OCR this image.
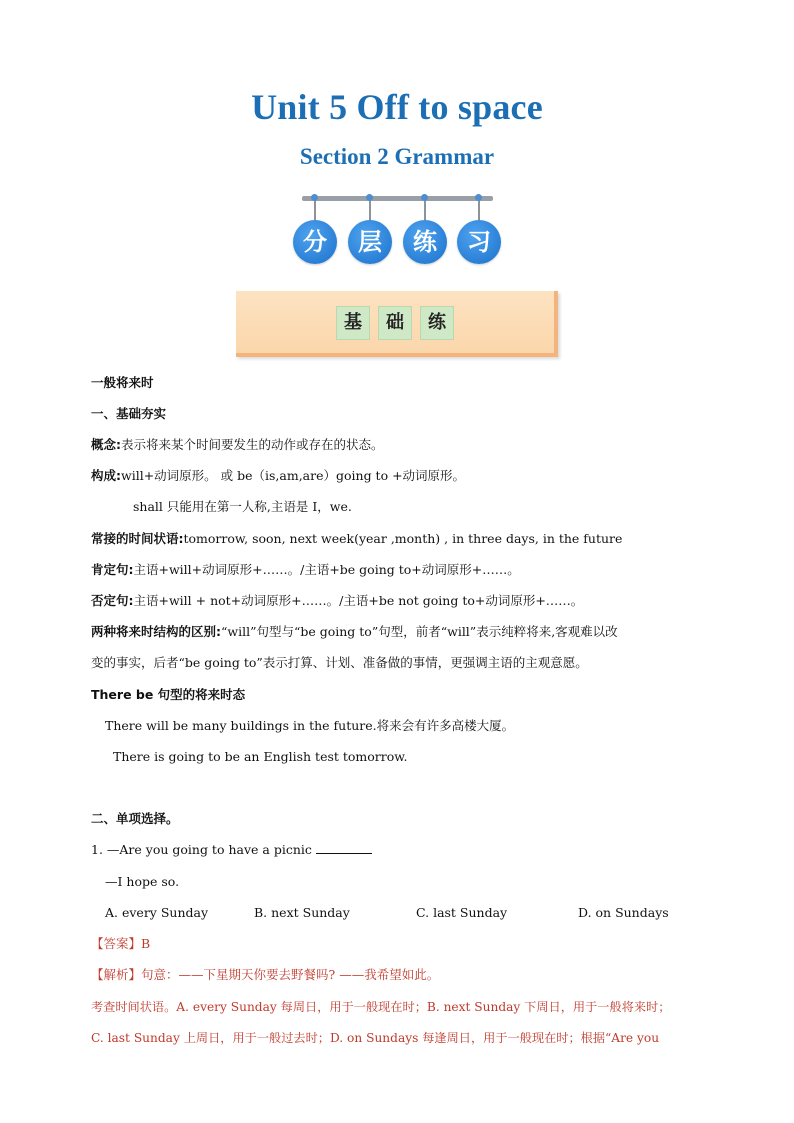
Unit 5 Off to space
Section 2 Grammar
分	层	练	习
基	础	练
一般将来时
一、基础夯实
概念:表示将来某个时间要发生的动作或存在的状态。
构成:will+动词原形。 或 be（is,am,are）going to +动词原形。
shall 只能用在第一人称,主语是 I，we.
常接的时间状语:tomorrow, soon, next week(year ,month) , in three days, in the future
肯定句:主语+will+动词原形+……。/主语+be going to+动词原形+……。
否定句:主语+will + not+动词原形+……。/主语+be not going to+动词原形+……。
两种将来时结构的区别:“will”句型与“be going to”句型，前者“will”表示纯粹将来,客观难以改
变的事实，后者“be going to”表示打算、计划、准备做的事情，更强调主语的主观意愿。
There be 句型的将来时态
There will be many buildings in the future.将来会有许多高楼大厦。
There is going to be an English test tomorrow.
二、单项选择。
1. —Are you going to have a picnic
—I hope so.
A. every Sunday	B. next Sunday	C. last Sunday	D. on Sundays
【答案】B
【解析】句意：——下星期天你要去野餐吗? ——我希望如此。
考查时间状语。A. every Sunday 每周日，用于一般现在时；B. next Sunday 下周日，用于一般将来时；
C. last Sunday 上周日，用于一般过去时；D. on Sundays 每逢周日，用于一般现在时；根据“Are you
